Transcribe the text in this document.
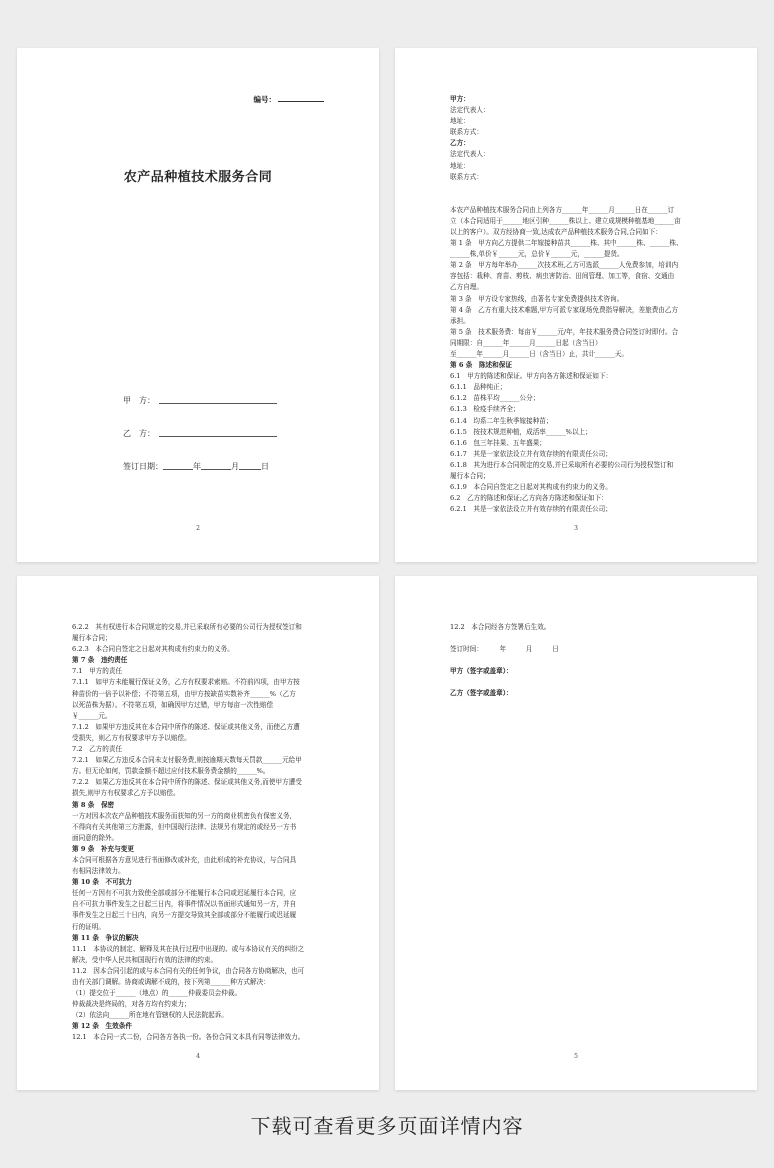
编号：
农产品种植技术服务合同
甲　方：
乙　方：
签订日期：	年	月	日
2

甲方：

法定代表人：

地址：

联系方式：

乙方：

法定代表人：

地址：

联系方式：

本农产品种植技术服务合同由上列各方______年______月______日在______订

立（本合同适用于______地区引种______株以上、建立成规模种植基地______亩

以上的客户）。双方经协商一致,达成农产品种植技术服务合同,合同如下：

第 1 条　甲方向乙方提供二年嫁接种苗共______株、其中______株、______株、

______株,单价￥______元，总价￥______元，______提货。

第 2 条　甲方每年举办______次技术班,乙方可选派______人免费参加，培训内

容包括：栽种、育苗、剪枝、病虫害防治、田间管理、加工等，食宿、交通由

乙方自理。

第 3 条　甲方设专家热线，由著名专家免费提供技术咨询。

第 4 条　乙方有重大技术难题,甲方可派专家现场免费指导解决，差旅费由乙方

承担。

第 5 条　技术服务费：每亩￥______元/年，年技术服务费合同签订时即付。合

同期限：自______年______月______日起（含当日）

至______年______月______日（含当日）止，共计______天。

第 6 条　陈述和保证

6.1　甲方的陈述和保证。甲方向各方陈述和保证如下：

6.1.1　品种纯正；

6.1.2　苗株平均______公分；

6.1.3　检疫手续齐全；

6.1.4　均系二年生秋季嫁接种苗；

6.1.5　按技术规范种植，成活率______%以上；

6.1.6　包三年挂果、五年盛果；

6.1.7　其是一家依法设立并有效存续的有限责任公司；

6.1.8　其为进行本合同规定的交易,并已采取所有必要的公司行为授权签订和

履行本合同；

6.1.9　本合同自签定之日起对其构成有约束力的义务。

6.2　乙方的陈述和保证;乙方向各方陈述和保证如下：

6.2.1　其是一家依法设立并有效存续的有限责任公司；

3

6.2.2　其有权进行本合同规定的交易,并已采取所有必要的公司行为授权签订和

履行本合同；

6.2.3　本合同自签定之日起对其构成有约束力的义务。

第 7 条　违约责任

7.1　甲方的责任

7.1.1　如甲方未能履行保证义务，乙方有权要求索赔。不符前四项，由甲方按

种苗价的一倍予以补偿；不符第五项，由甲方按缺苗实数补齐______%（乙方

以死苗株为据）。不符第五项，如确因甲方过错，甲方每亩一次性赔偿

￥______元。

7.1.2　如果甲方违反其在本合同中所作的陈述、保证或其他义务，而使乙方遭

受损失，则乙方有权要求甲方予以赔偿。

7.2　乙方的责任

7.2.1　如果乙方违反本合同未支付服务费,则按逾期天数每天罚款______元给甲

方。但无论如何，罚款金额不超过应付技术服务费金额的______%。

7.2.2　如果乙方违反其在本合同中所作的陈述、保证或其他义务,而使甲方遭受

损失,则甲方有权要求乙方予以赔偿。

第 8 条　保密

一方对因本次农产品种植技术服务而获知的另一方的商业机密负有保密义务,

不得向有关其他第三方泄露，但中国现行法律、法规另有规定的或经另一方书

面同意的除外。

第 9 条　补充与变更

本合同可根据各方意见进行书面修改或补充，由此形成的补充协议，与合同具

有相同法律效力。

第 10 条　不可抗力

任何一方因有不可抗力致使全部或部分不能履行本合同或迟延履行本合同，应

自不可抗力事件发生之日起三日内，将事件情况以书面形式通知另一方，并自

事件发生之日起三十日内，向另一方提交导致其全部或部分不能履行或迟延履

行的证明。

第 11 条　争议的解决

11.1　本协议的制定、解释及其在执行过程中出现的、或与本协议有关的纠纷之

解决，受中华人民共和国现行有效的法律的约束。

11.2　因本合同引起的或与本合同有关的任何争议，由合同各方协商解决，也可

由有关部门调解。协商或调解不成的，按下列第______种方式解决：

（1）提交位于______（地点）的______仲裁委员会仲裁。

仲裁裁决是终局的，对各方均有约束力；

（2）依法向______所在地有管辖权的人民法院起诉。

第 12 条　生效条件

12.1　本合同一式二份，合同各方各执一份。各份合同文本具有同等法律效力。

4

12.2　本合同经各方签署后生效。

签订时间：　　　年　　　月　　　日

甲方（签字或盖章）：

乙方（签字或盖章）：

5
下载可查看更多页面详情内容
